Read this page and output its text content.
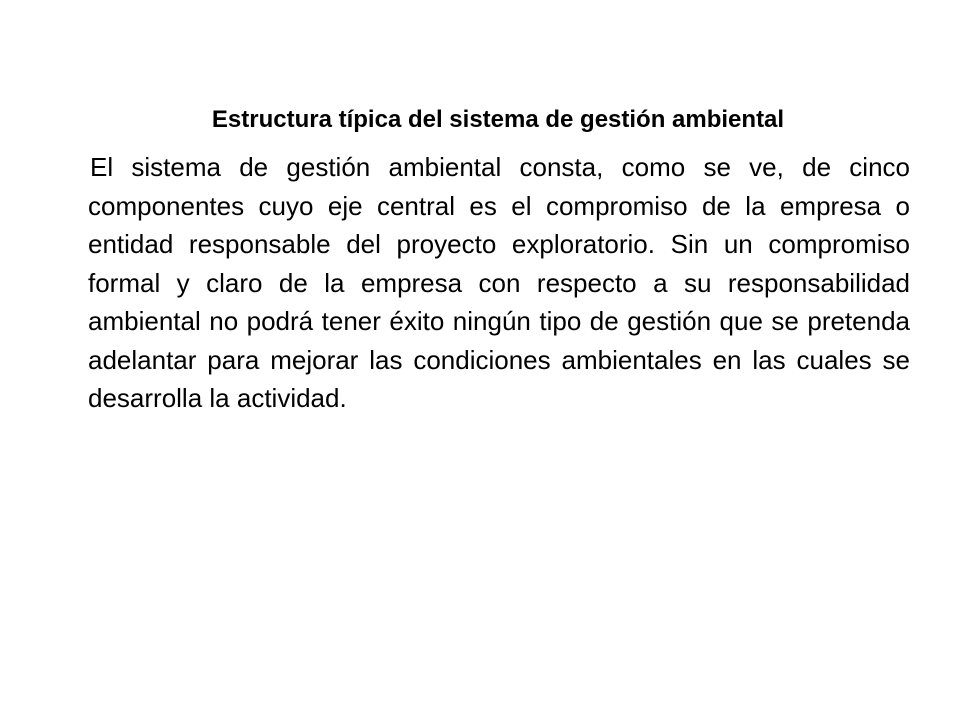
Estructura típica del sistema de gestión ambiental

El sistema de gestión ambiental consta, como se ve, de cinco componentes cuyo eje central es el compromiso de la empresa o entidad responsable del proyecto exploratorio. Sin un compromiso formal y claro de la empresa con respecto a su responsabilidad ambiental no podrá tener éxito ningún tipo de gestión que se pretenda adelantar para mejorar las condiciones ambientales en las cuales se desarrolla la actividad.
